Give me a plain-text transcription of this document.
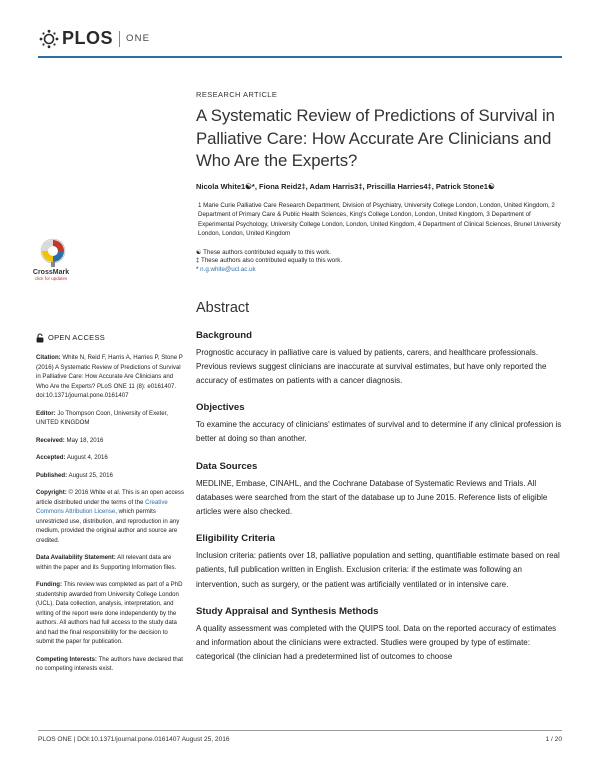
PLOS ONE
CrossMark
click for updates
OPEN ACCESS
Citation: White N, Reid F, Harris A, Harries P, Stone P (2016) A Systematic Review of Predictions of Survival in Palliative Care: How Accurate Are Clinicians and Who Are the Experts? PLoS ONE 11 (8): e0161407. doi:10.1371/journal.pone.0161407
Editor: Jo Thompson Coon, University of Exeter, UNITED KINGDOM
Received: May 18, 2016
Accepted: August 4, 2016
Published: August 25, 2016
Copyright: © 2016 White et al. This is an open access article distributed under the terms of the Creative Commons Attribution License, which permits unrestricted use, distribution, and reproduction in any medium, provided the original author and source are credited.
Data Availability Statement: All relevant data are within the paper and its Supporting Information files.
Funding: This review was completed as part of a PhD studentship awarded from University College London (UCL). Data collection, analysis, interpretation, and writing of the report were done independently by the authors. All authors had full access to the study data and had the final responsibility for the decision to submit the paper for publication.
Competing Interests: The authors have declared that no competing interests exist.
RESEARCH ARTICLE
A Systematic Review of Predictions of Survival in Palliative Care: How Accurate Are Clinicians and Who Are the Experts?
Nicola White1☯*, Fiona Reid2‡, Adam Harris3‡, Priscilla Harries4‡, Patrick Stone1☯
1 Marie Curie Palliative Care Research Department, Division of Psychiatry, University College London, London, United Kingdom, 2 Department of Primary Care & Public Health Sciences, King's College London, London, United Kingdom, 3 Department of Experimental Psychology, University College London, London, United Kingdom, 4 Department of Clinical Sciences, Brunel University London, London, United Kingdom
☯ These authors contributed equally to this work.
‡ These authors also contributed equally to this work.
* n.g.white@ucl.ac.uk
Abstract
Background

Prognostic accuracy in palliative care is valued by patients, carers, and healthcare professionals. Previous reviews suggest clinicians are inaccurate at survival estimates, but have only reported the accuracy of estimates on patients with a cancer diagnosis.

Objectives

To examine the accuracy of clinicians' estimates of survival and to determine if any clinical profession is better at doing so than another.

Data Sources

MEDLINE, Embase, CINAHL, and the Cochrane Database of Systematic Reviews and Trials. All databases were searched from the start of the database up to June 2015. Reference lists of eligible articles were also checked.

Eligibility Criteria

Inclusion criteria: patients over 18, palliative population and setting, quantifiable estimate based on real patients, full publication written in English. Exclusion criteria: if the estimate was following an intervention, such as surgery, or the patient was artificially ventilated or in intensive care.

Study Appraisal and Synthesis Methods

A quality assessment was completed with the QUIPS tool. Data on the reported accuracy of estimates and information about the clinicians were extracted. Studies were grouped by type of estimate: categorical (the clinician had a predetermined list of outcomes to choose

PLOS ONE | DOI:10.1371/journal.pone.0161407 August 25, 2016	1 / 20
